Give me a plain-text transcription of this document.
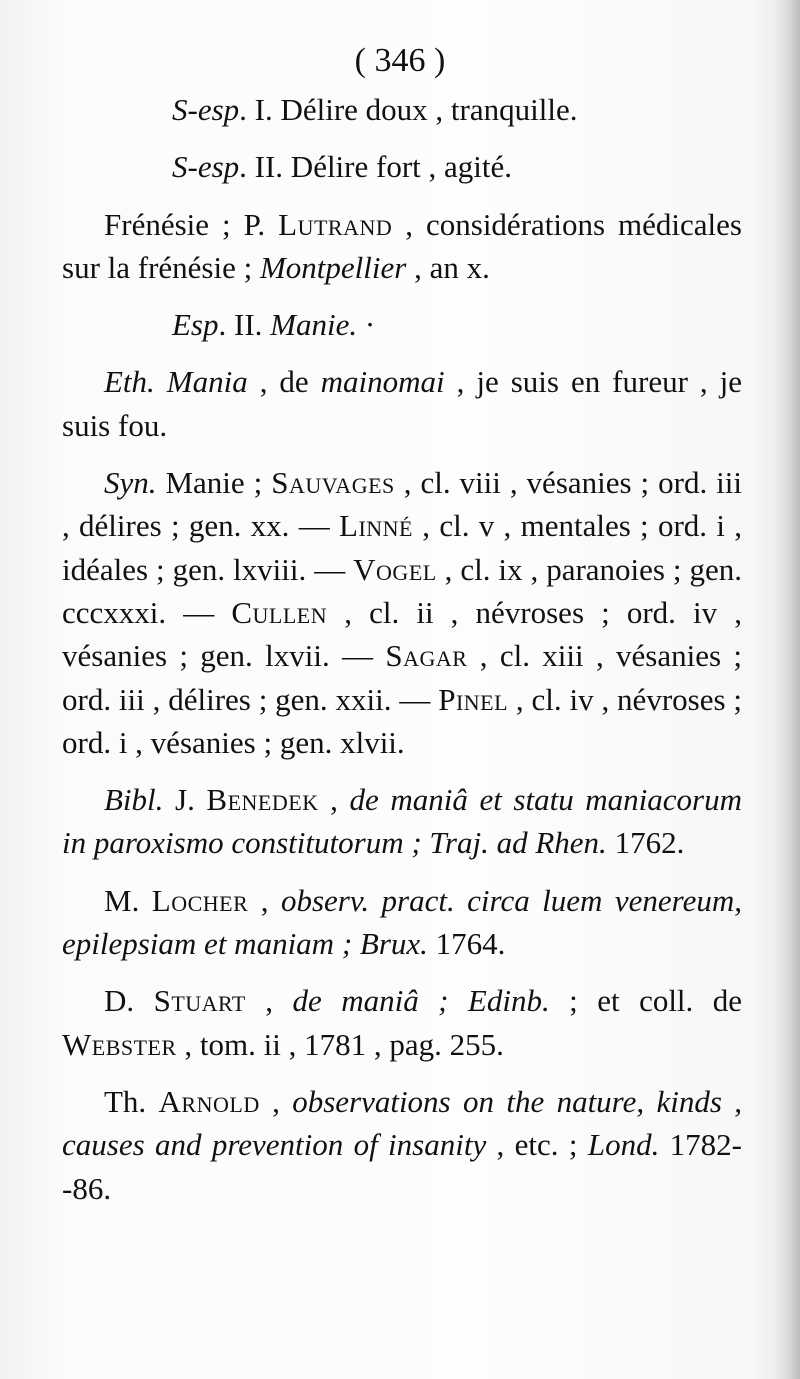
( 346 )

S-esp. I. Délire doux , tranquille.

S-esp. II. Délire fort , agité.

Frénésie ; P. Lutrand , considérations médicales sur la frénésie ; Montpellier , an x.

Esp. II. Manie. ·

Eth. Mania , de mainomai , je suis en fureur , je suis fou.

Syn. Manie ; Sauvages , cl. viii , vésanies ; ord. iii , délires ; gen. xx. — Linné , cl. v , mentales ; ord. i , idéales ; gen. lxviii. — Vogel , cl. ix , paranoies ; gen. cccxxxi. — Cullen , cl. ii , névroses ; ord. iv , vésanies ; gen. lxvii. — Sagar , cl. xiii , vésanies ; ord. iii , délires ; gen. xxii. — Pinel , cl. iv , névroses ; ord. i , vésanies ; gen. xlvii.

Bibl. J. Benedek , de maniâ et statu maniacorum in paroxismo constitutorum ; Traj. ad Rhen. 1762.

M. Locher , observ. pract. circa luem venereum, epilepsiam et maniam ; Brux. 1764.

D. Stuart , de maniâ ; Edinb. ; et coll. de Webster , tom. ii , 1781 , pag. 255.

Th. Arnold , observations on the nature, kinds , causes and prevention of insanity , etc. ; Lond. 1782--86.
